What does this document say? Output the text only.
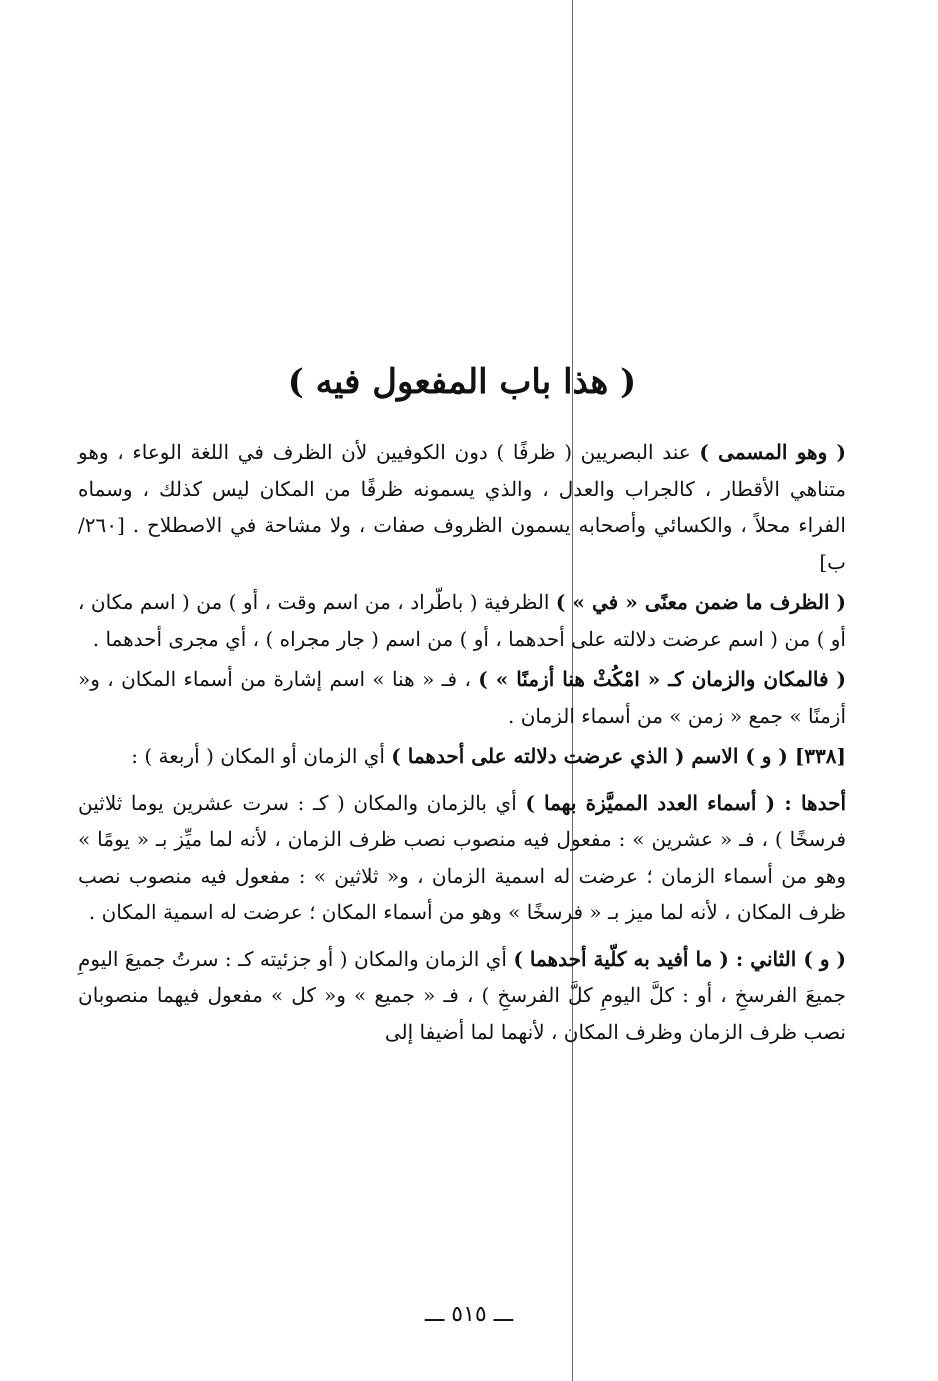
( هذا باب المفعول فيه )

( وهو المسمى ) عند البصريين ( ظرفًا ) دون الكوفيين لأن الظرف في اللغة الوعاء ، وهو متناهي الأقطار ، كالجراب والعدل ، والذي يسمونه ظرفًا من المكان ليس كذلك ، وسماه الفراء محلاً ، والكسائي وأصحابه يسمون الظروف صفات ، ولا مشاحة في الاصطلاح . [٢٦٠/ب]

( الظرف ما ضمن معنًى « في » ) الظرفية ( باطّراد ، من اسم وقت ، أو ) من ( اسم مكان ، أو ) من ( اسم عرضت دلالته على أحدهما ، أو ) من اسم ( جار مجراه ) ، أي مجرى أحدهما .

( فالمكان والزمان كـ « امْكُثْ هنا أزمنًا » ) ، فـ « هنا » اسم إشارة من أسماء المكان ، و« أزمنًا » جمع « زمن » من أسماء الزمان .

[٣٣٨] ( و ) الاسم ( الذي عرضت دلالته على أحدهما ) أي الزمان أو المكان ( أربعة ) :

أحدها : ( أسماء العدد المميَّزة بهما ) أي بالزمان والمكان ( كـ : سرت عشرين يوما ثلاثين فرسخًا ) ، فـ « عشرين » : مفعول فيه منصوب نصب ظرف الزمان ، لأنه لما ميِّز بـ « يومًا » وهو من أسماء الزمان ؛ عرضت له اسمية الزمان ، و« ثلاثين » : مفعول فيه منصوب نصب ظرف المكان ، لأنه لما ميز بـ « فرسخًا » وهو من أسماء المكان ؛ عرضت له اسمية المكان .

( و ) الثاني : ( ما أفيد به كلّية أحدهما ) أي الزمان والمكان ( أو جزئيته كـ : سرتُ جميعَ اليومِ جميعَ الفرسخِ ، أو : كلَّ اليومِ كلَّ الفرسخِ ) ، فـ « جميع » و« كل » مفعول فيهما منصوبان نصب ظرف الزمان وظرف المكان ، لأنهما لما أضيفا إلى

ـــ ٥١٥ ـــ
